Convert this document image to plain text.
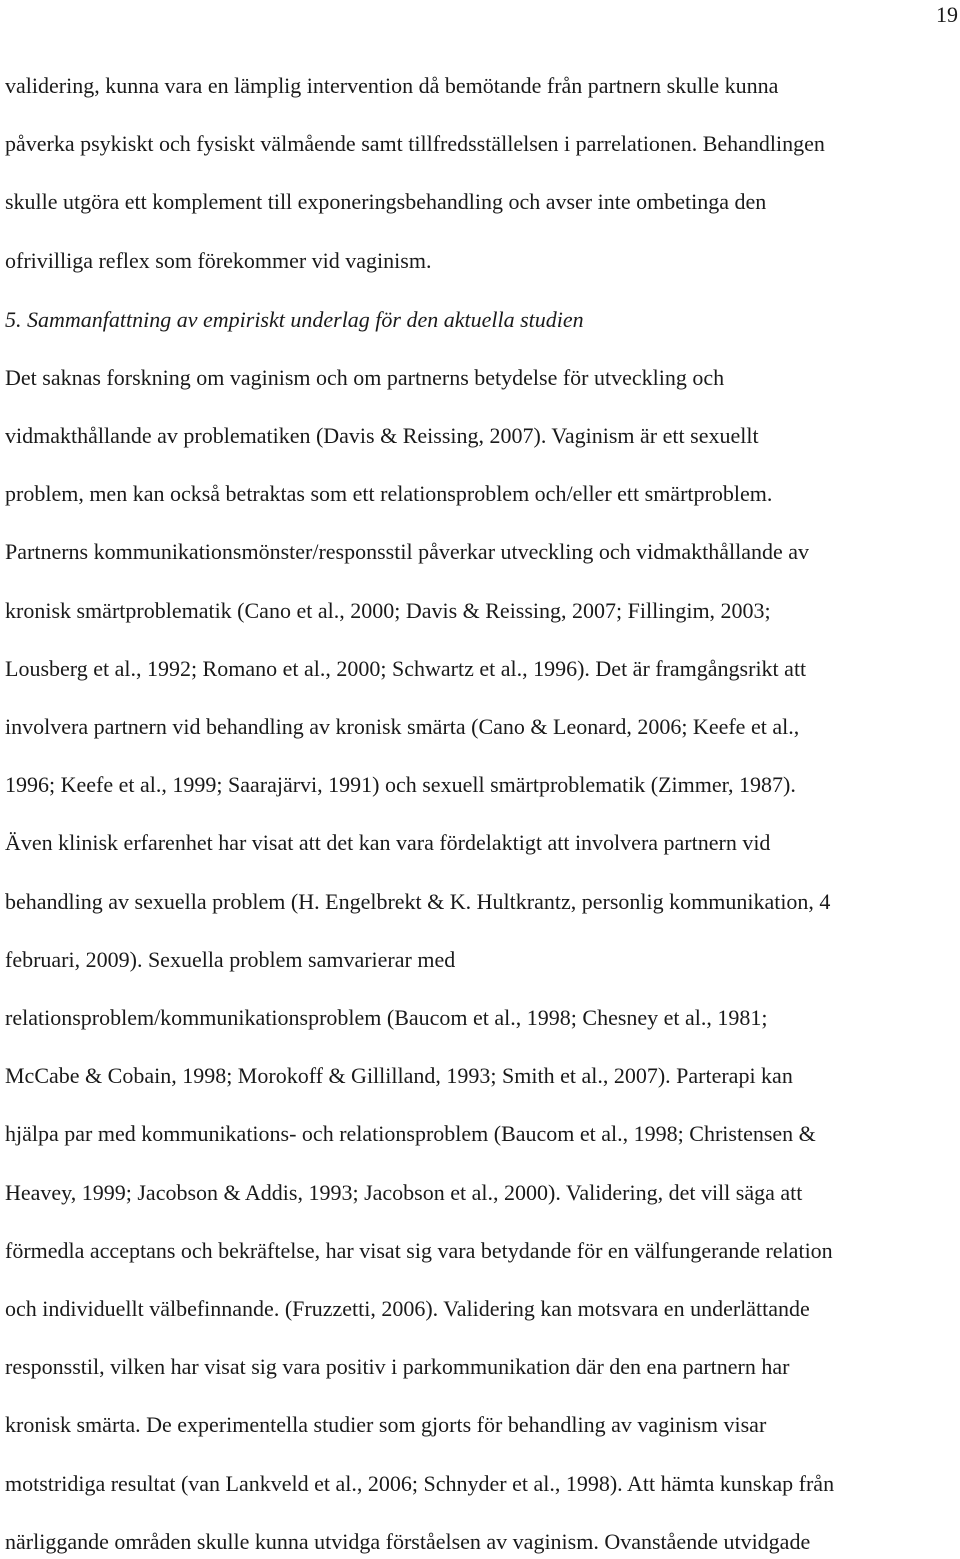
19
validering, kunna vara en lämplig intervention då bemötande från partnern skulle kunna
påverka psykiskt och fysiskt välmående samt tillfredsställelsen i parrelationen. Behandlingen
skulle utgöra ett komplement till exponeringsbehandling och avser inte ombetinga den
ofrivilliga reflex som förekommer vid vaginism.
5. Sammanfattning av empiriskt underlag för den aktuella studien
Det saknas forskning om vaginism och om partnerns betydelse för utveckling och
vidmakthållande av problematiken (Davis & Reissing, 2007). Vaginism är ett sexuellt
problem, men kan också betraktas som ett relationsproblem och/eller ett smärtproblem.
Partnerns kommunikationsmönster/responsstil påverkar utveckling och vidmakthållande av
kronisk smärtproblematik (Cano et al., 2000; Davis & Reissing, 2007; Fillingim, 2003;
Lousberg et al., 1992; Romano et al., 2000; Schwartz et al., 1996). Det är framgångsrikt att
involvera partnern vid behandling av kronisk smärta (Cano & Leonard, 2006; Keefe et al.,
1996; Keefe et al., 1999; Saarajärvi, 1991) och sexuell smärtproblematik (Zimmer, 1987).
Även klinisk erfarenhet har visat att det kan vara fördelaktigt att involvera partnern vid
behandling av sexuella problem (H. Engelbrekt & K. Hultkrantz, personlig kommunikation, 4
februari, 2009). Sexuella problem samvarierar med
relationsproblem/kommunikationsproblem (Baucom et al., 1998; Chesney et al., 1981;
McCabe & Cobain, 1998; Morokoff & Gillilland, 1993; Smith et al., 2007). Parterapi kan
hjälpa par med kommunikations- och relationsproblem (Baucom et al., 1998; Christensen &
Heavey, 1999; Jacobson & Addis, 1993; Jacobson et al., 2000). Validering, det vill säga att
förmedla acceptans och bekräftelse, har visat sig vara betydande för en välfungerande relation
och individuellt välbefinnande. (Fruzzetti, 2006). Validering kan motsvara en underlättande
responsstil, vilken har visat sig vara positiv i parkommunikation där den ena partnern har
kronisk smärta. De experimentella studier som gjorts för behandling av vaginism visar
motstridiga resultat (van Lankveld et al., 2006; Schnyder et al., 1998). Att hämta kunskap från
närliggande områden skulle kunna utvidga förståelsen av vaginism. Ovanstående utvidgade
